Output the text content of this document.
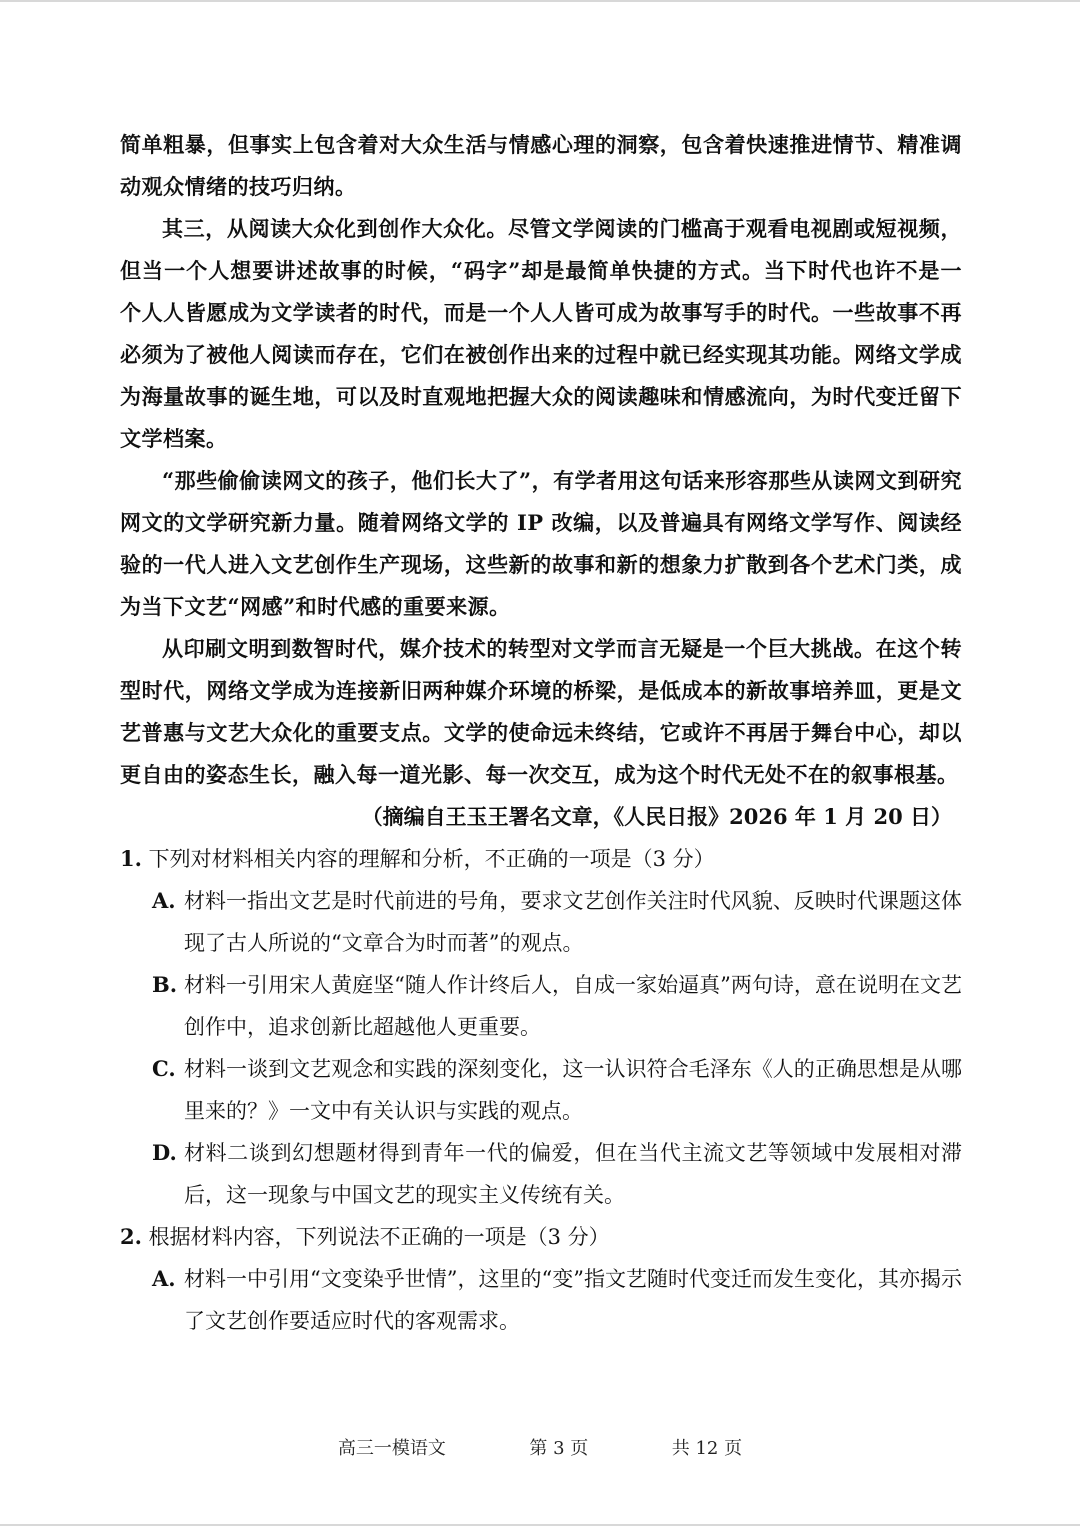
简单粗暴，但事实上包含着对大众生活与情感心理的洞察，包含着快速推进情节、精准调动观众情绪的技巧归纳。

其三，从阅读大众化到创作大众化。尽管文学阅读的门槛高于观看电视剧或短视频，但当一个人想要讲述故事的时候，“码字”却是最简单快捷的方式。当下时代也许不是一个人人皆愿成为文学读者的时代，而是一个人人皆可成为故事写手的时代。一些故事不再必须为了被他人阅读而存在，它们在被创作出来的过程中就已经实现其功能。网络文学成为海量故事的诞生地，可以及时直观地把握大众的阅读趣味和情感流向，为时代变迁留下文学档案。

“那些偷偷读网文的孩子，他们长大了”，有学者用这句话来形容那些从读网文到研究网文的文学研究新力量。随着网络文学的 IP 改编，以及普遍具有网络文学写作、阅读经验的一代人进入文艺创作生产现场，这些新的故事和新的想象力扩散到各个艺术门类，成为当下文艺“网感”和时代感的重要来源。

从印刷文明到数智时代，媒介技术的转型对文学而言无疑是一个巨大挑战。在这个转型时代，网络文学成为连接新旧两种媒介环境的桥梁，是低成本的新故事培养皿，更是文艺普惠与文艺大众化的重要支点。文学的使命远未终结，它或许不再居于舞台中心，却以更自由的姿态生长，融入每一道光影、每一次交互，成为这个时代无处不在的叙事根基。

（摘编自王玉王署名文章，《人民日报》2026 年 1 月 20 日）

1. 下列对材料相关内容的理解和分析，不正确的一项是（3 分）

A. 材料一指出文艺是时代前进的号角，要求文艺创作关注时代风貌、反映时代课题这体现了古人所说的“文章合为时而著”的观点。
B. 材料一引用宋人黄庭坚“随人作计终后人，自成一家始逼真”两句诗，意在说明在文艺创作中，追求创新比超越他人更重要。
C. 材料一谈到文艺观念和实践的深刻变化，这一认识符合毛泽东《人的正确思想是从哪里来的？》一文中有关认识与实践的观点。
D. 材料二谈到幻想题材得到青年一代的偏爱，但在当代主流文艺等领域中发展相对滞后，这一现象与中国文艺的现实主义传统有关。

2. 根据材料内容，下列说法不正确的一项是（3 分）

A. 材料一中引用“文变染乎世情”，这里的“变”指文艺随时代变迁而发生变化，其亦揭示了文艺创作要适应时代的客观需求。
高三一模语文	第 3 页	共 12 页
